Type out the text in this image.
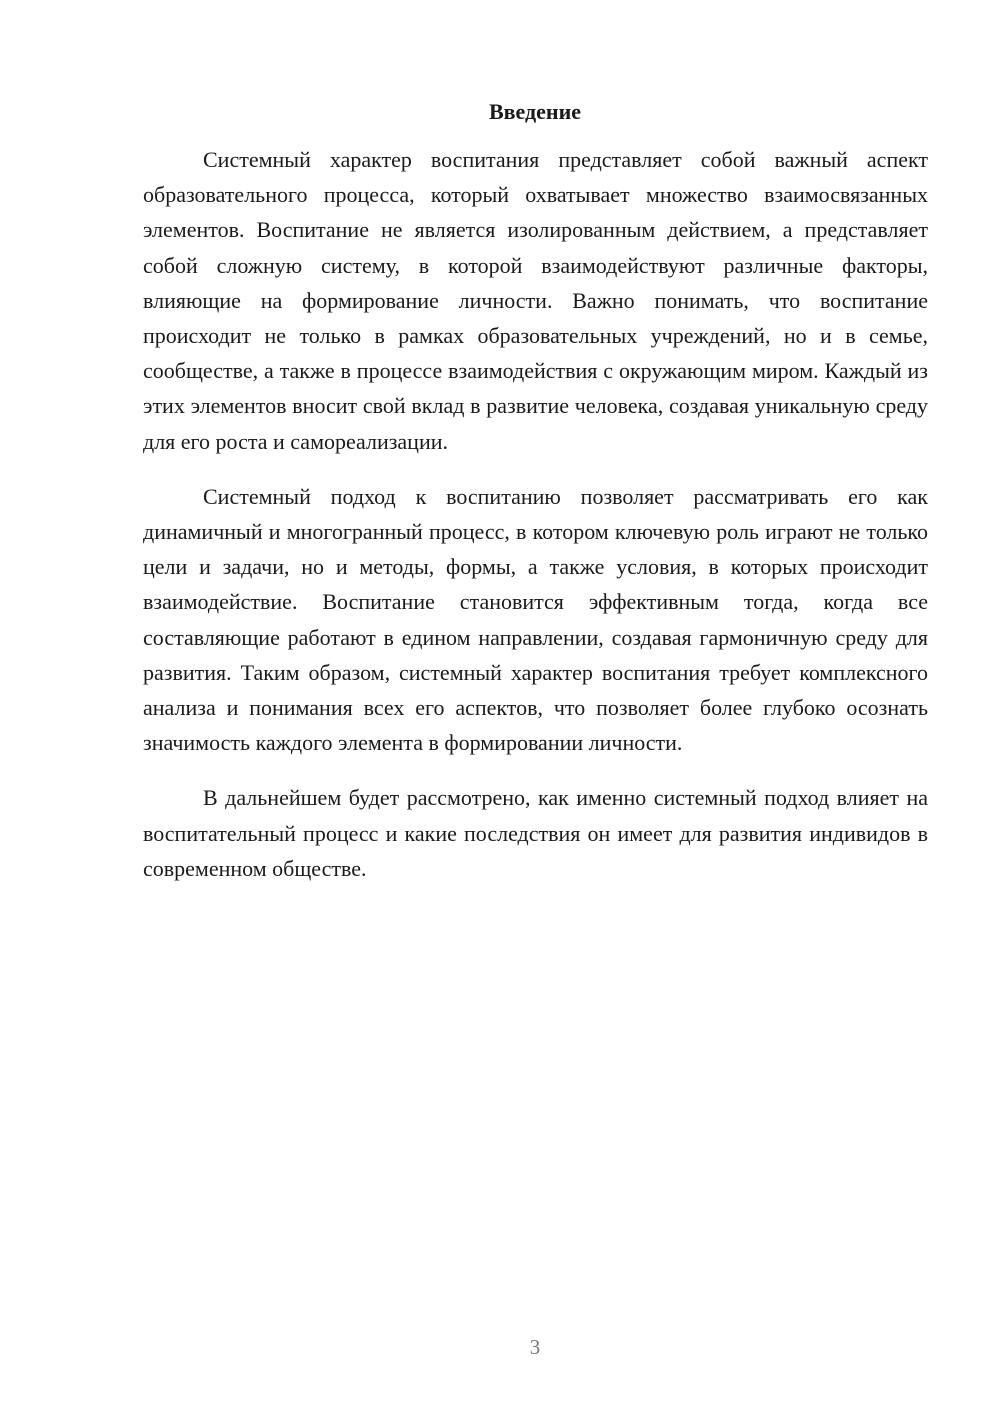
Введение

Системный характер воспитания представляет собой важный аспект образовательного процесса, который охватывает множество взаимосвязанных элементов. Воспитание не является изолированным действием, а представляет собой сложную систему, в которой взаимодействуют различные факторы, влияющие на формирование личности. Важно понимать, что воспитание происходит не только в рамках образовательных учреждений, но и в семье, сообществе, а также в процессе взаимодействия с окружающим миром. Каждый из этих элементов вносит свой вклад в развитие человека, создавая уникальную среду для его роста и самореализации.

Системный подход к воспитанию позволяет рассматривать его как динамичный и многогранный процесс, в котором ключевую роль играют не только цели и задачи, но и методы, формы, а также условия, в которых происходит взаимодействие. Воспитание становится эффективным тогда, когда все составляющие работают в едином направлении, создавая гармоничную среду для развития. Таким образом, системный характер воспитания требует комплексного анализа и понимания всех его аспектов, что позволяет более глубоко осознать значимость каждого элемента в формировании личности.

В дальнейшем будет рассмотрено, как именно системный подход влияет на воспитательный процесс и какие последствия он имеет для развития индивидов в современном обществе.

3
